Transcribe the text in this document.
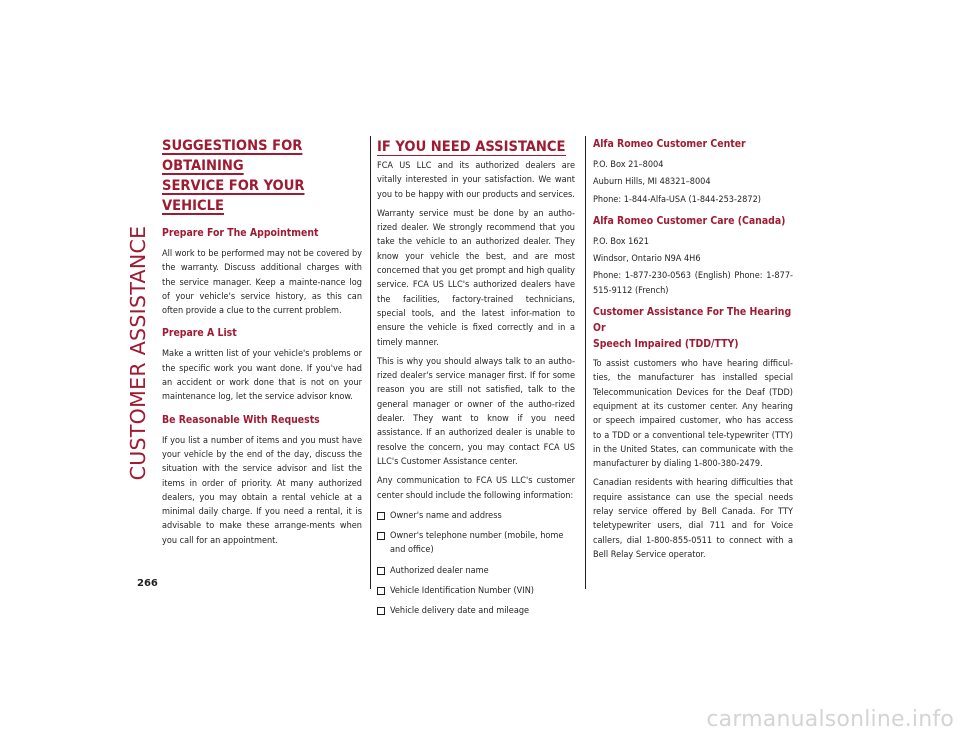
CUSTOMER ASSISTANCE
266
SUGGESTIONS FOR OBTAINING
SERVICE FOR YOUR VEHICLE
Prepare For The Appointment

All work to be performed may not be covered by the warranty. Discuss additional charges with the service manager. Keep a mainte-nance log of your vehicle's service history, as this can often provide a clue to the current problem.

Prepare A List

Make a written list of your vehicle's problems or the specific work you want done. If you've had an accident or work done that is not on your maintenance log, let the service advisor know.

Be Reasonable With Requests

If you list a number of items and you must have your vehicle by the end of the day, discuss the situation with the service advisor and list the items in order of priority. At many authorized dealers, you may obtain a rental vehicle at a minimal daily charge. If you need a rental, it is advisable to make these arrange-ments when you call for an appointment.

IF YOU NEED ASSISTANCE

FCA US LLC and its authorized dealers are vitally interested in your satisfaction. We want you to be happy with our products and services.

Warranty service must be done by an autho-rized dealer. We strongly recommend that you take the vehicle to an authorized dealer. They know your vehicle the best, and are most concerned that you get prompt and high quality service. FCA US LLC's authorized dealers have the facilities, factory-trained technicians, special tools, and the latest infor-mation to ensure the vehicle is fixed correctly and in a timely manner.

This is why you should always talk to an autho-rized dealer's service manager first. If for some reason you are still not satisfied, talk to the general manager or owner of the autho-rized dealer. They want to know if you need assistance. If an authorized dealer is unable to resolve the concern, you may contact FCA US LLC's Customer Assistance center.

Any communication to FCA US LLC's customer center should include the following information:

Owner's name and address
Owner's telephone number (mobile, home and office)
Authorized dealer name
Vehicle Identification Number (VIN)
Vehicle delivery date and mileage
Alfa Romeo Customer Center
P.O. Box 21–8004
Auburn Hills, MI 48321–8004
Phone: 1-844-Alfa-USA (1-844-253-2872)
Alfa Romeo Customer Care (Canada)
P.O. Box 1621
Windsor, Ontario N9A 4H6

Phone: 1-877-230-0563 (English) Phone: 1-877-515-9112 (French)

Customer Assistance For The Hearing Or
Speech Impaired (TDD/TTY)

To assist customers who have hearing difficul-ties, the manufacturer has installed special Telecommunication Devices for the Deaf (TDD) equipment at its customer center. Any hearing or speech impaired customer, who has access to a TDD or a conventional tele-typewriter (TTY) in the United States, can communicate with the manufacturer by dialing 1-800-380-2479.

Canadian residents with hearing difficulties that require assistance can use the special needs relay service offered by Bell Canada. For TTY teletypewriter users, dial 711 and for Voice callers, dial 1-800-855-0511 to connect with a Bell Relay Service operator.

carmanualsonline.info
